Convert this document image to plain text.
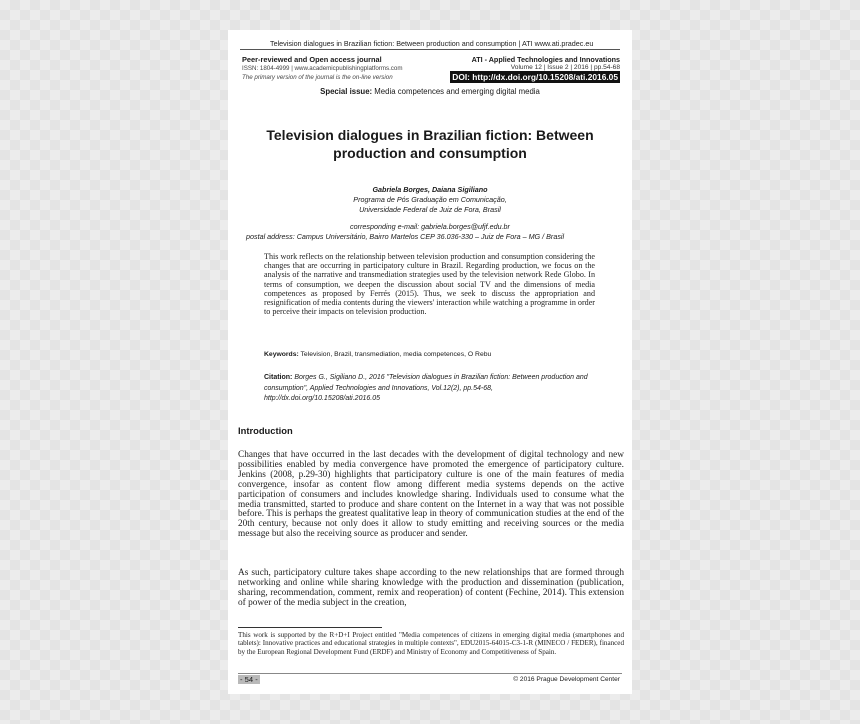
Television dialogues in Brazilian fiction: Between production and consumption | ATI www.ati.pradec.eu
Peer-reviewed and Open access journal
ISSN: 1804-4999 | www.academicpublishingplatforms.com
The primary version of the journal is the on-line version
ATI - Applied Technologies and Innovations
Volume 12 | Issue 2 | 2016 | pp.54-68
DOI: http://dx.doi.org/10.15208/ati.2016.05
Special issue: Media competences and emerging digital media
Television dialogues in Brazilian fiction: Between production and consumption
Gabriela Borges, Daiana Sigiliano
Programa de Pós Graduação em Comunicação,
Universidade Federal de Juiz de Fora, Brasil
corresponding e-mail: gabriela.borges@ufjf.edu.br
postal address: Campus Universitário, Bairro Martelos CEP 36.036-330 – Juiz de Fora – MG / Brasil
This work reflects on the relationship between television production and consumption considering the changes that are occurring in participatory culture in Brazil. Regarding production, we focus on the analysis of the narrative and transmediation strategies used by the television network Rede Globo. In terms of consumption, we deepen the discussion about social TV and the dimensions of media competences as proposed by Ferrés (2015). Thus, we seek to discuss the appropriation and resignification of media contents during the viewers' interaction while watching a programme in order to perceive their impacts on television production.
Keywords: Television, Brazil, transmediation, media competences, O Rebu
Citation: Borges G., Sigiliano D., 2016 "Television dialogues in Brazilian fiction: Between production and consumption", Applied Technologies and Innovations, Vol.12(2), pp.54-68, http://dx.doi.org/10.15208/ati.2016.05
Introduction
Changes that have occurred in the last decades with the development of digital technology and new possibilities enabled by media convergence have promoted the emergence of participatory culture. Jenkins (2008, p.29-30) highlights that participatory culture is one of the main features of media convergence, insofar as content flow among different media systems depends on the active participation of consumers and includes knowledge sharing. Individuals used to consume what the media transmitted, started to produce and share content on the Internet in a way that was not possible before. This is perhaps the greatest qualitative leap in theory of communication studies at the end of the 20th century, because not only does it allow to study emitting and receiving sources or the media message but also the receiving source as producer and sender.
As such, participatory culture takes shape according to the new relationships that are formed through networking and online while sharing knowledge with the production and dissemination (publication, sharing, recommendation, comment, remix and reoperation) of content (Fechine, 2014). This extension of power of the media subject in the creation,
This work is supported by the R+D+I Project entitled "Media competences of citizens in emerging digital media (smartphones and tablets): Innovative practices and educational strategies in multiple contexts", EDU2015-64015-C3-1-R (MINECO / FEDER), financed by the European Regional Development Fund (ERDF) and Ministry of Economy and Competitiveness of Spain.
- 54 -	© 2016 Prague Development Center
